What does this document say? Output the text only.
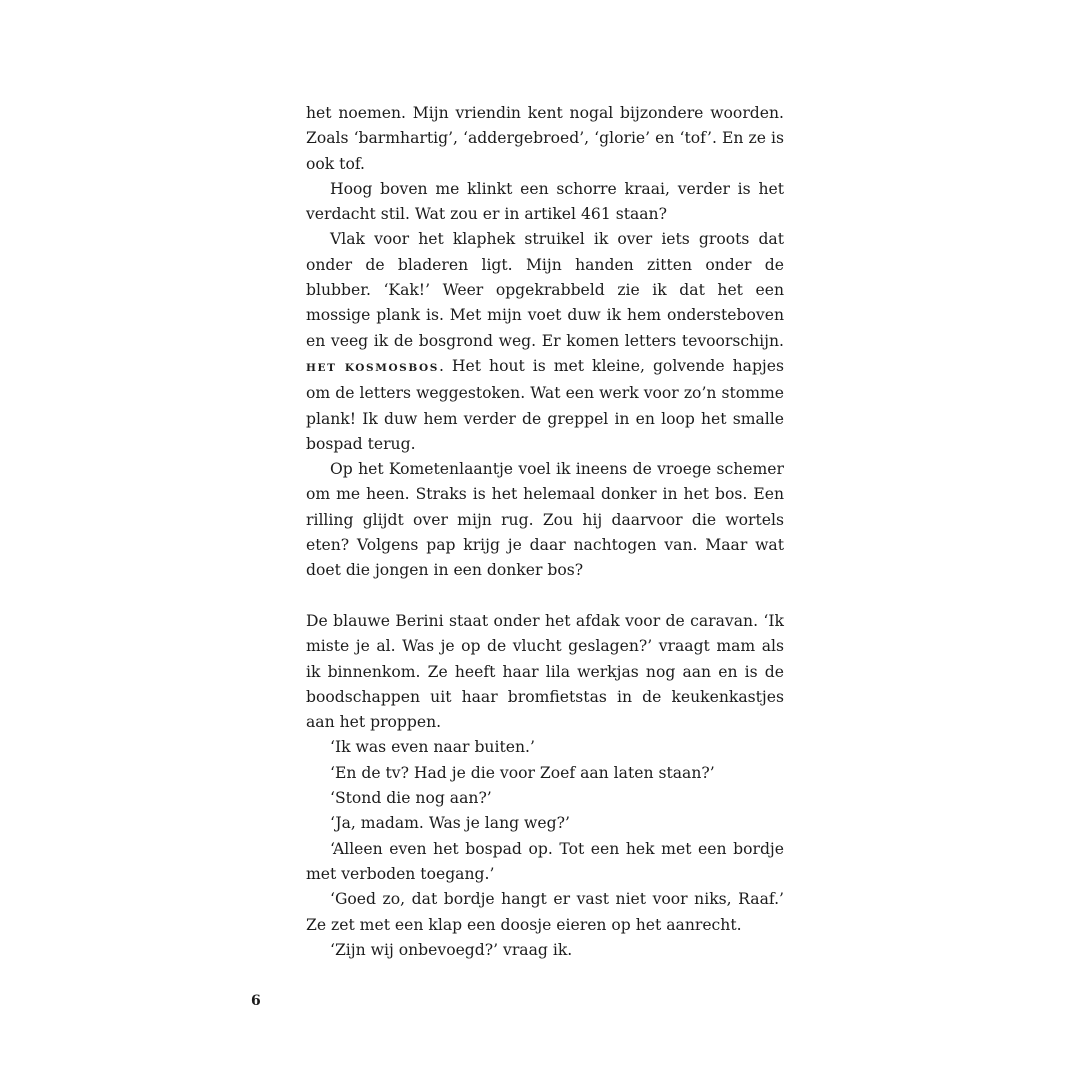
het noemen. Mijn vriendin kent nogal bijzondere woorden. Zoals ‘barmhartig’, ‘addergebroed’, ‘glorie’ en ‘tof’. En ze is ook tof.

Hoog boven me klinkt een schorre kraai, verder is het verdacht stil. Wat zou er in artikel 461 staan?

Vlak voor het klaphek struikel ik over iets groots dat onder de bladeren ligt. Mijn handen zitten onder de blubber. ‘Kak!’ Weer opgekrabbeld zie ik dat het een mossige plank is. Met mijn voet duw ik hem ondersteboven en veeg ik de bosgrond weg. Er komen letters tevoorschijn. HET KOSMOSBOS. Het hout is met kleine, golvende hapjes om de letters weggestoken. Wat een werk voor zo’n stomme plank! Ik duw hem verder de greppel in en loop het smalle bospad terug.

Op het Kometenlaantje voel ik ineens de vroege schemer om me heen. Straks is het helemaal donker in het bos. Een rilling glijdt over mijn rug. Zou hij daarvoor die wortels eten? Volgens pap krijg je daar nachtogen van. Maar wat doet die jongen in een donker bos?

De blauwe Berini staat onder het afdak voor de caravan. ‘Ik miste je al. Was je op de vlucht geslagen?’ vraagt mam als ik binnenkom. Ze heeft haar lila werkjas nog aan en is de boodschappen uit haar bromfietstas in de keukenkastjes aan het proppen.

‘Ik was even naar buiten.’

‘En de tv? Had je die voor Zoef aan laten staan?’

‘Stond die nog aan?’

‘Ja, madam. Was je lang weg?’

‘Alleen even het bospad op. Tot een hek met een bordje met verboden toegang.’

‘Goed zo, dat bordje hangt er vast niet voor niks, Raaf.’ Ze zet met een klap een doosje eieren op het aanrecht.

‘Zijn wij onbevoegd?’ vraag ik.

6
